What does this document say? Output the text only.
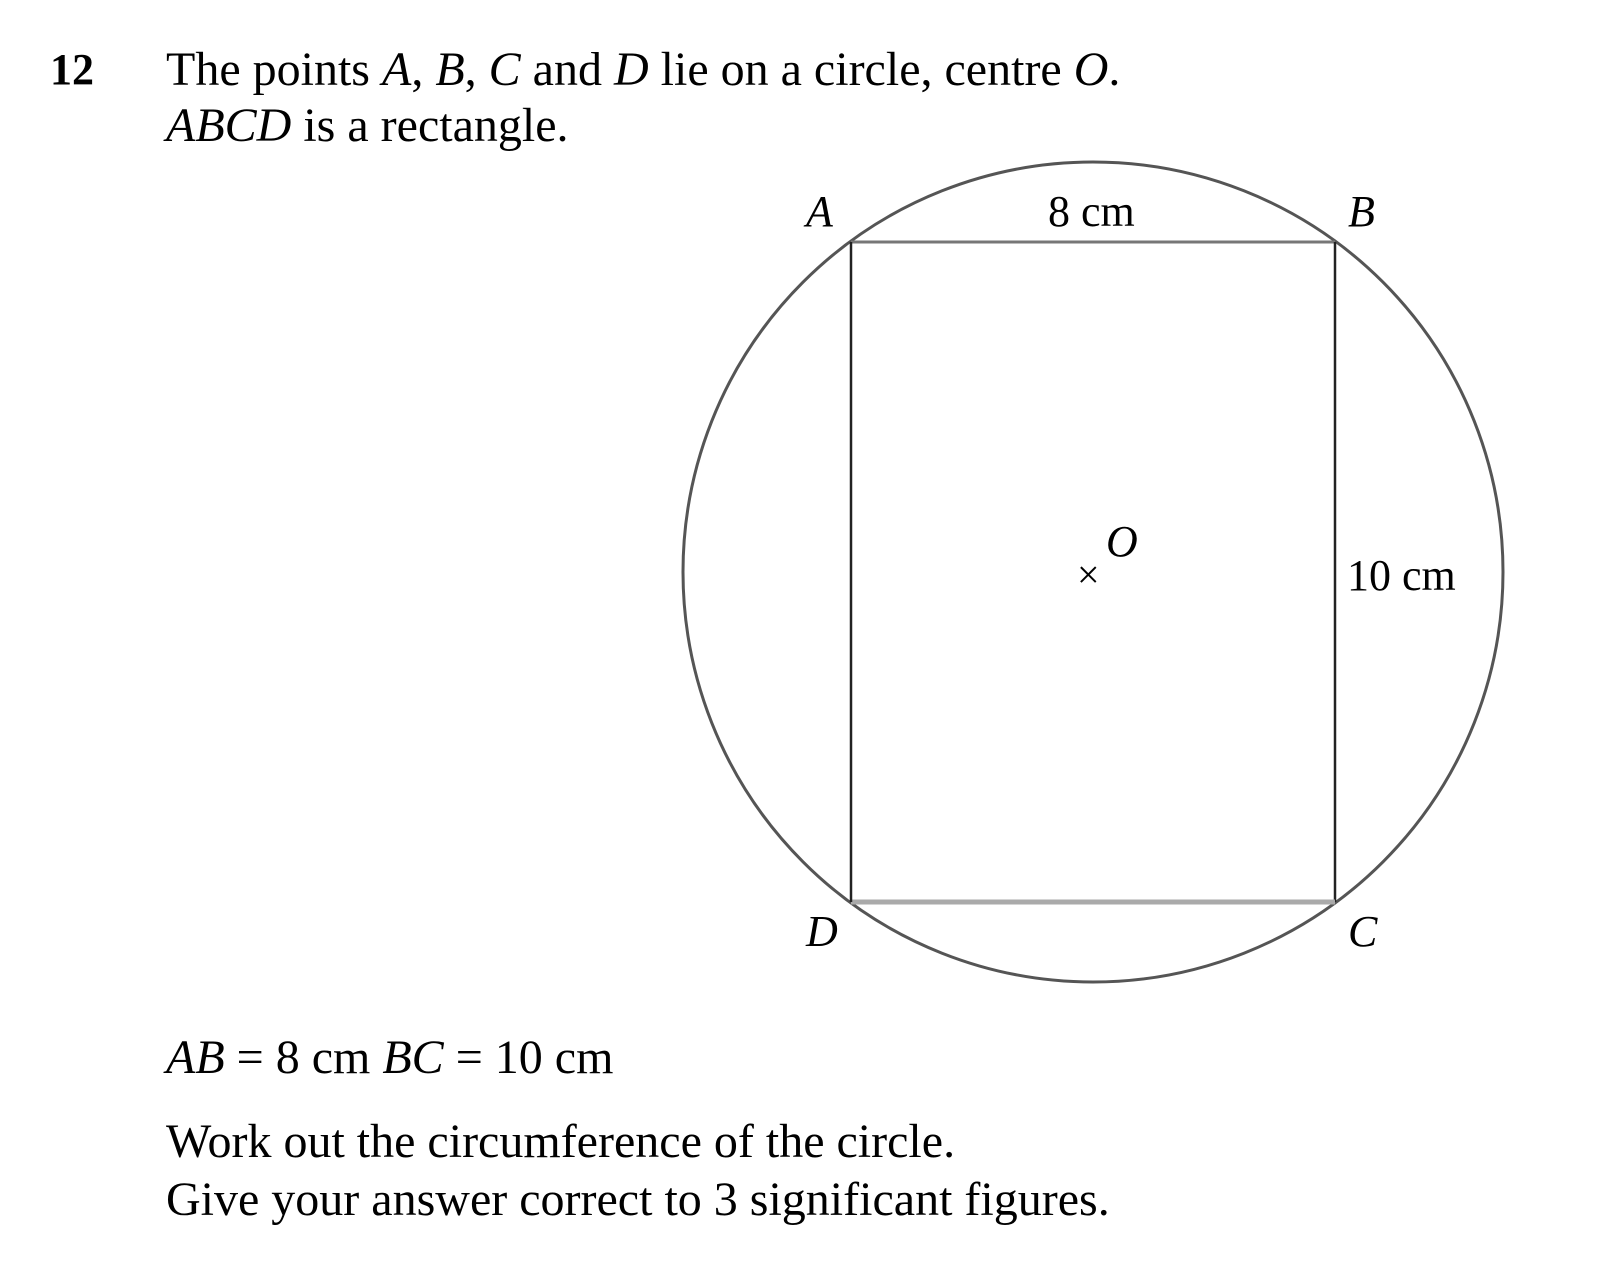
12 The points A, B, C and D lie on a circle, centre O.
ABCD is a rectangle.
A	B
C
D
8 cm
10 cm
×
O
AB = 8 cm BC = 10 cm
Work out the circumference of the circle.
Give your answer correct to 3 significant figures.
